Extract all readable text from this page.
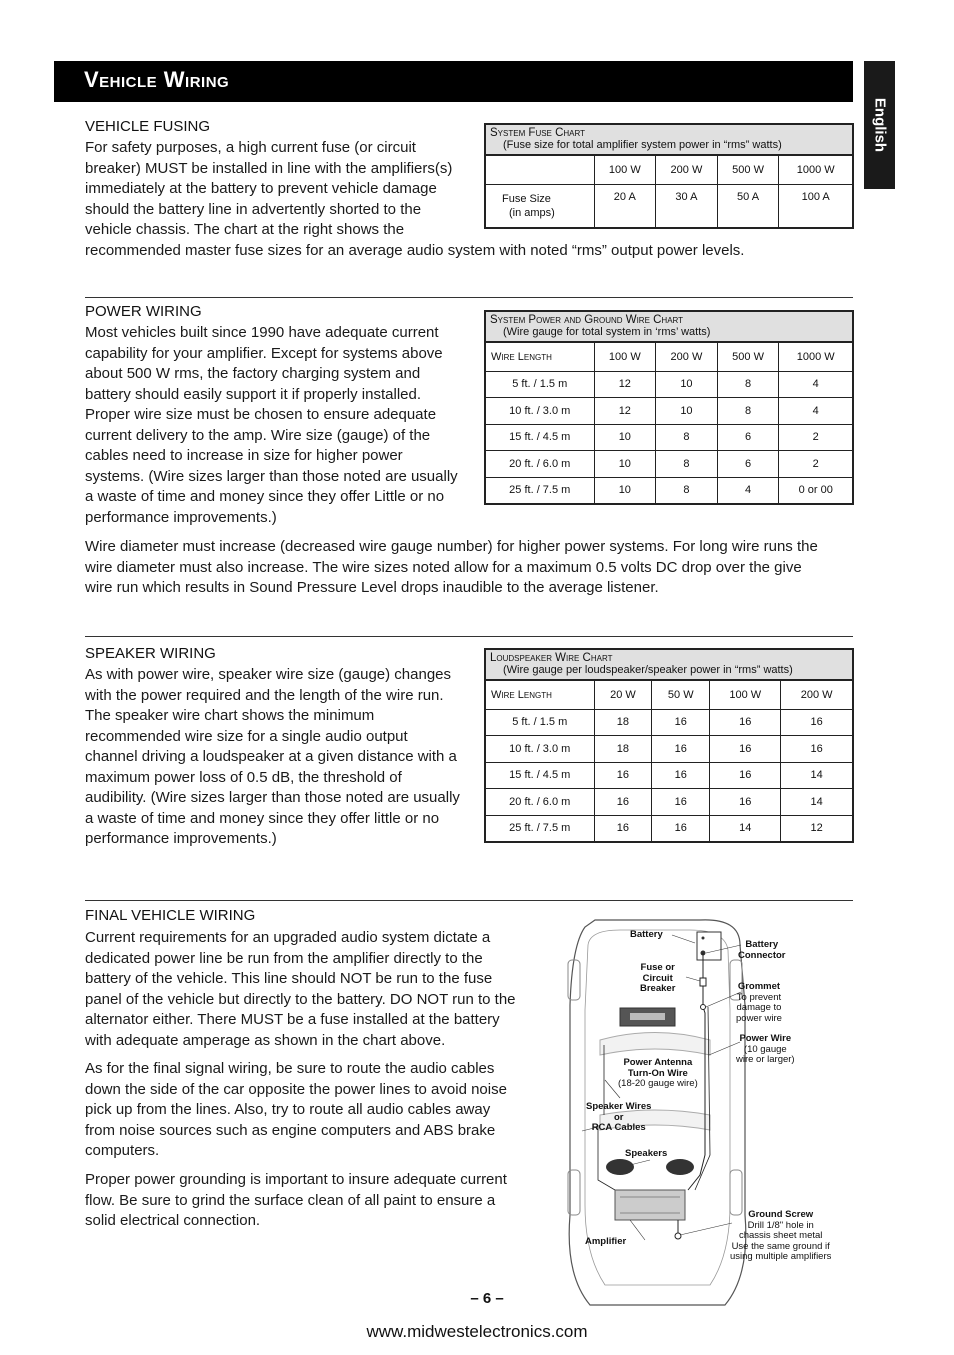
Vehicle Wiring
English
VEHICLE FUSING
For safety purposes, a high current fuse (or circuit
breaker) MUST be installed in line with the amplifiers(s)
immediately at the battery to prevent vehicle damage
should the battery line in advertently shorted to the
vehicle chassis. The chart at the right shows the
recommended master fuse sizes for an average audio system with noted “rms” output power levels.
System Fuse Chart
(Fuse size for total amplifier system power in “rms” watts)				

	100 W	200 W	500 W	1000 W
Fuse Size
(in amps)	20 A	30 A	50 A	100 A
POWER WIRING
Most vehicles built since 1990 have adequate current
capability for your amplifier. Except for systems above
about 500 W rms, the factory charging system and
battery should easily support it if properly installed.
Proper wire size must be chosen to ensure adequate
current delivery to the amp. Wire size (gauge) of the
cables need to increase in size for higher power
systems. (Wire sizes larger than those noted are usually
a waste of time and money since they offer Little or no
performance improvements.)
Wire diameter must increase (decreased wire gauge number) for higher power systems. For long wire runs the
wire diameter must also increase. The wire sizes noted allow for a maximum 0.5 volts DC drop over the give
wire run which results in Sound Pressure Level drops inaudible to the average listener.
System Power and Ground Wire Chart
(Wire gauge for total system in ‘rms’ watts)				

Wire Length	100 W	200 W	500 W	1000 W
5 ft. / 1.5 m	12	10	8	4
10 ft. / 3.0 m	12	10	8	4
15 ft. / 4.5 m	10	8	6	2
20 ft. / 6.0 m	10	8	6	2
25 ft. / 7.5 m	10	8	4	0 or 00
SPEAKER WIRING
As with power wire, speaker wire size (gauge) changes
with the power required and the length of the wire run.
The speaker wire chart shows the minimum
recommended wire size for a single audio output
channel driving a loudspeaker at a given distance with a
maximum power loss of 0.5 dB, the threshold of
audibility. (Wire sizes larger than those noted are usually
a waste of time and money since they offer little or no
performance improvements.)
Loudspeaker Wire Chart
(Wire gauge per loudspeaker/speaker power in “rms” watts)				

Wire Length	20 W	50 W	100 W	200 W
5 ft. / 1.5 m	18	16	16	16
10 ft. / 3.0 m	18	16	16	16
15 ft. / 4.5 m	16	16	16	14
20 ft. / 6.0 m	16	16	16	14
25 ft. / 7.5 m	16	16	14	12
FINAL VEHICLE WIRING
Current requirements for an upgraded audio system dictate a
dedicated power line be run from the amplifier directly to the
battery of the vehicle. This line should NOT be run to the fuse
panel of the vehicle but directly to the battery. DO NOT run to the
alternator either. There MUST be a fuse installed at the battery
with adequate amperage as shown in the chart above.
As for the final signal wiring, be sure to route the audio cables
down the side of the car opposite the power lines to avoid noise
pick up from the lines. Also, try to route all audio cables away
from noise sources such as engine computers and ABS brake
computers.
Proper power grounding is important to insure adequate current
flow. Be sure to grind the surface clean of all paint to ensure a
solid electrical connection.
Battery
Battery
Connector
Fuse or
Circuit
Breaker	Grommet
To prevent
damage to
power wire
Power Wire
(10 gauge
wire or larger)
Power Antenna
Turn-On Wire
(18-20 gauge wire)
Speaker Wires
or
RCA Cables
Speakers
Ground Screw
Drill 1/8" hole in
chassis sheet metal
Use the same ground if
using multiple amplifiers
Amplifier
– 6 –
www.midwestelectronics.com
